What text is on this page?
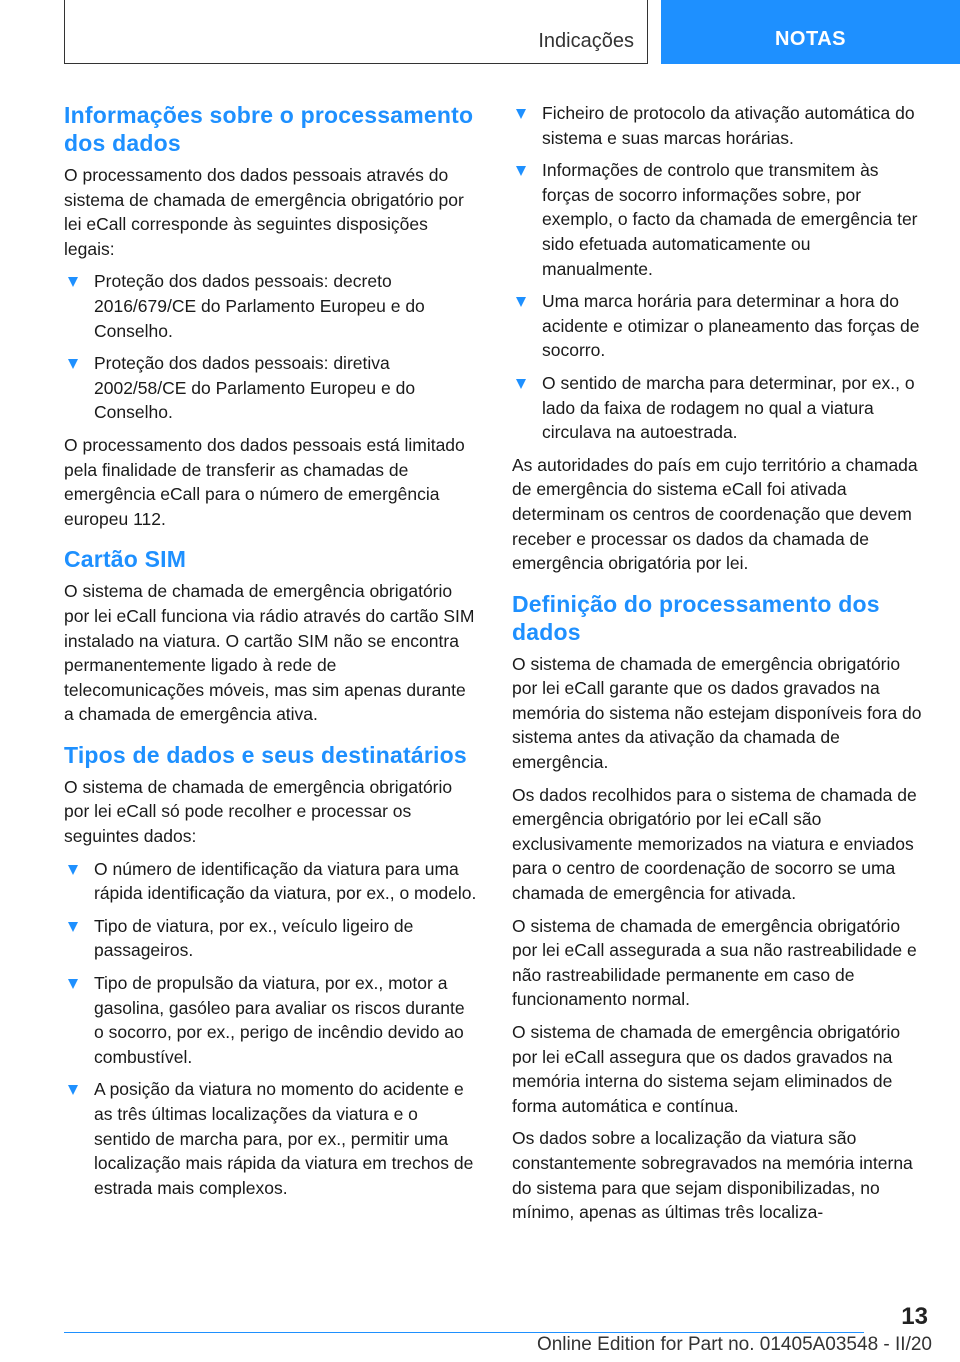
Indicações	NOTAS
Informações sobre o processamento dos dados

O processamento dos dados pessoais através do sistema de chamada de emergência obrigatório por lei eCall corresponde às seguintes disposições legais:

Proteção dos dados pessoais: decreto 2016/679/CE do Parlamento Europeu e do Conselho.
Proteção dos dados pessoais: diretiva 2002/58/CE do Parlamento Europeu e do Conselho.

O processamento dos dados pessoais está limitado pela finalidade de transferir as chamadas de emergência eCall para o número de emergência europeu 112.

Cartão SIM

O sistema de chamada de emergência obrigatório por lei eCall funciona via rádio através do cartão SIM instalado na viatura. O cartão SIM não se encontra permanentemente ligado à rede de telecomunicações móveis, mas sim apenas durante a chamada de emergência ativa.

Tipos de dados e seus destinatários

O sistema de chamada de emergência obrigatório por lei eCall só pode recolher e processar os seguintes dados:

O número de identificação da viatura para uma rápida identificação da viatura, por ex., o modelo.
Tipo de viatura, por ex., veículo ligeiro de passageiros.
Tipo de propulsão da viatura, por ex., motor a gasolina, gasóleo para avaliar os riscos durante o socorro, por ex., perigo de incêndio devido ao combustível.
A posição da viatura no momento do acidente e as três últimas localizações da viatura e o sentido de marcha para, por ex., permitir uma localização mais rápida da viatura em trechos de estrada mais complexos.
Ficheiro de protocolo da ativação automática do sistema e suas marcas horárias.
Informações de controlo que transmitem às forças de socorro informações sobre, por exemplo, o facto da chamada de emergência ter sido efetuada automaticamente ou manualmente.
Uma marca horária para determinar a hora do acidente e otimizar o planeamento das forças de socorro.
O sentido de marcha para determinar, por ex., o lado da faixa de rodagem no qual a viatura circulava na autoestrada.

As autoridades do país em cujo território a chamada de emergência do sistema eCall foi ativada determinam os centros de coordenação que devem receber e processar os dados da chamada de emergência obrigatória por lei.

Definição do processamento dos dados

O sistema de chamada de emergência obrigatório por lei eCall garante que os dados gravados na memória do sistema não estejam disponíveis fora do sistema antes da ativação da chamada de emergência.

Os dados recolhidos para o sistema de chamada de emergência obrigatório por lei eCall são exclusivamente memorizados na viatura e enviados para o centro de coordenação de socorro se uma chamada de emergência for ativada.

O sistema de chamada de emergência obrigatório por lei eCall assegurada a sua não rastreabilidade e não rastreabilidade permanente em caso de funcionamento normal.

O sistema de chamada de emergência obrigatório por lei eCall assegura que os dados gravados na memória interna do sistema sejam eliminados de forma automática e contínua.

Os dados sobre a localização da viatura são constantemente sobregravados na memória interna do sistema para que sejam disponibilizadas, no mínimo, apenas as últimas três localiza-

13
Online Edition for Part no. 01405A03548 - II/20
